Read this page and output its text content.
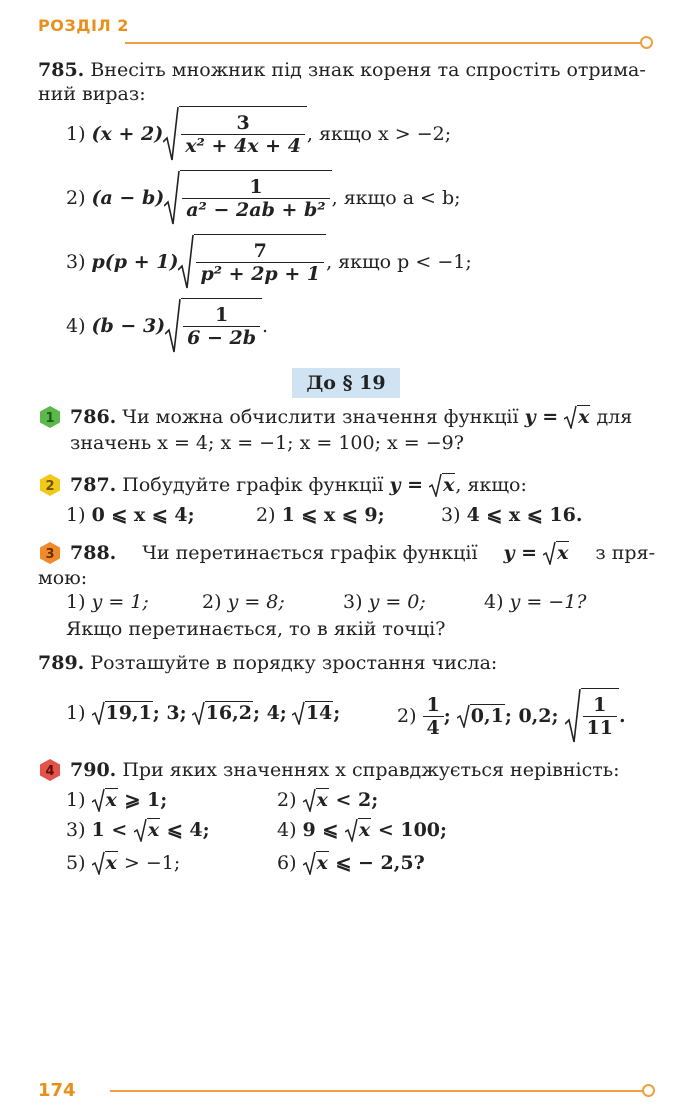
РОЗДІЛ 2
785. Внесіть множник під знак кореня та спростіть отрима-
ний вираз:
1) $(x + 2) \frac{3}{\text{x² + 4x + 4}}$ , якщо x > −2;
2) $(a - b) \frac{1}{\text{a² − 2ab + b²}}$ , якщо a < b;
3) $p(p + 1) \frac{7}{\text{p² + 2p + 1}}$ , якщо p < −1;
4) $(b - 3) \frac{1}{6 - 2b}$ .
До § 19
1 786. Чи можна обчислити значення функції y =	x для
значень x = 4; x = −1; x = 100; x = −9?
2 787. Побудуйте графік функції y =	x , якщо:
1) 0 ⩽ x ⩽ 4;	2) 1 ⩽ x ⩽ 9;	3) 4 ⩽ x ⩽ 16.
3 788. Чи перетинається графік функції y =	x з пря-
мою:
1) y = 1;	2) y = 8;	3) y = 0;	4) y = −1?
Якщо перетинається, то в якій точці?
789. Розташуйте в порядку зростання числа:
1)	19,1 ; 3; 16,2 ; 4; 14 ;	$2) \frac{1}{4}$ ;	0,1 ; 0,2;	$\frac{1}{11}$ .
4 790. При яких значеннях x справджується нерівність:
1)	x ⩾ 1;	2)	x < 2;
3) 1 < x ⩽ 4;	4) 9 ⩽ x < 100;
5)	x > −1;	6)	x ⩽ − 2,5?
174
